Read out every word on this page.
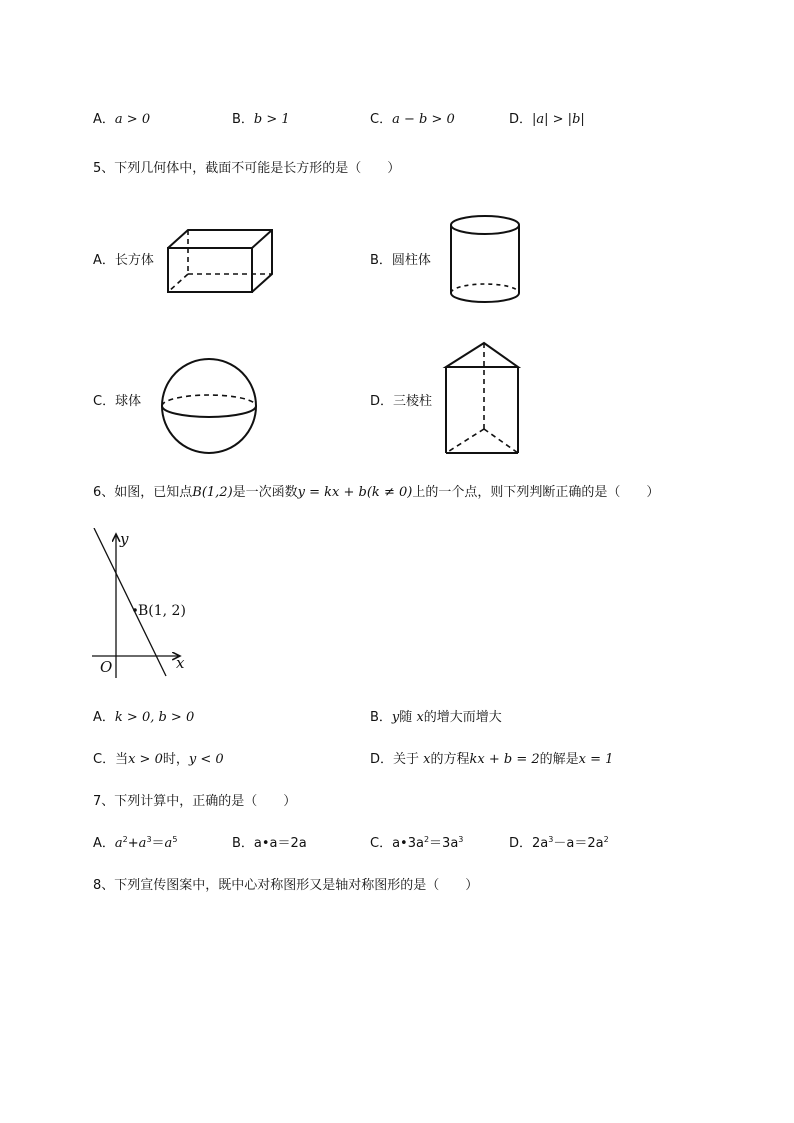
A．a > 0	B．b > 1	C．a − b > 0	D．|a| > |b|
5、下列几何体中，截面不可能是长方形的是（　　）
A．长方体	B．圆柱体
C．球体	D．三棱柱
6、如图，已知点B(1,2)是一次函数y = kx + b(k ≠ 0)上的一个点，则下列判断正确的是（　　）
y
x
O
B(1, 2)
A．k > 0, b > 0	B．y随 x的增大而增大
C．当x > 0时，y < 0	D．关于 x的方程kx + b = 2的解是x = 1
7、下列计算中，正确的是（　　）
A．$a^2+a^3=a^5$	B．a•a＝2a	C．$a•3a^2=3a^3$	D．$2a^3-a=2a^2$
8、下列宣传图案中，既中心对称图形又是轴对称图形的是（　　）
